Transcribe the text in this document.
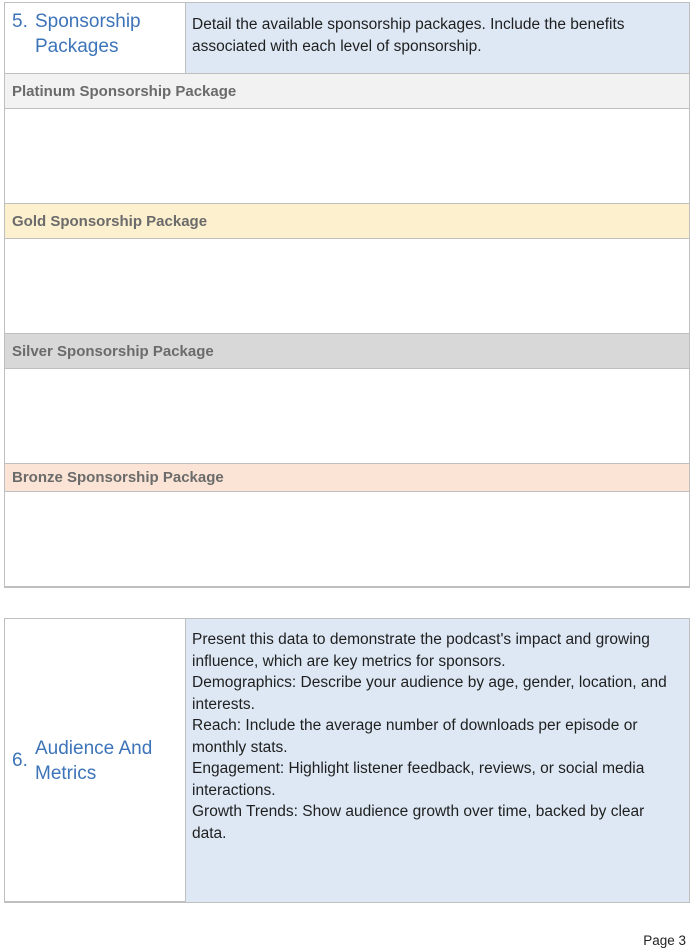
5. Sponsorship Packages
Detail the available sponsorship packages. Include the benefits associated with each level of sponsorship.
Platinum Sponsorship Package
Gold Sponsorship Package
Silver Sponsorship Package
Bronze Sponsorship Package
6.
Audience And Metrics
Present this data to demonstrate the podcast's impact and growing influence, which are key metrics for sponsors.
Demographics: Describe your audience by age, gender, location, and interests.
Reach: Include the average number of downloads per episode or monthly stats.
Engagement: Highlight listener feedback, reviews, or social media interactions.
Growth Trends: Show audience growth over time, backed by clear data.
Page 3
